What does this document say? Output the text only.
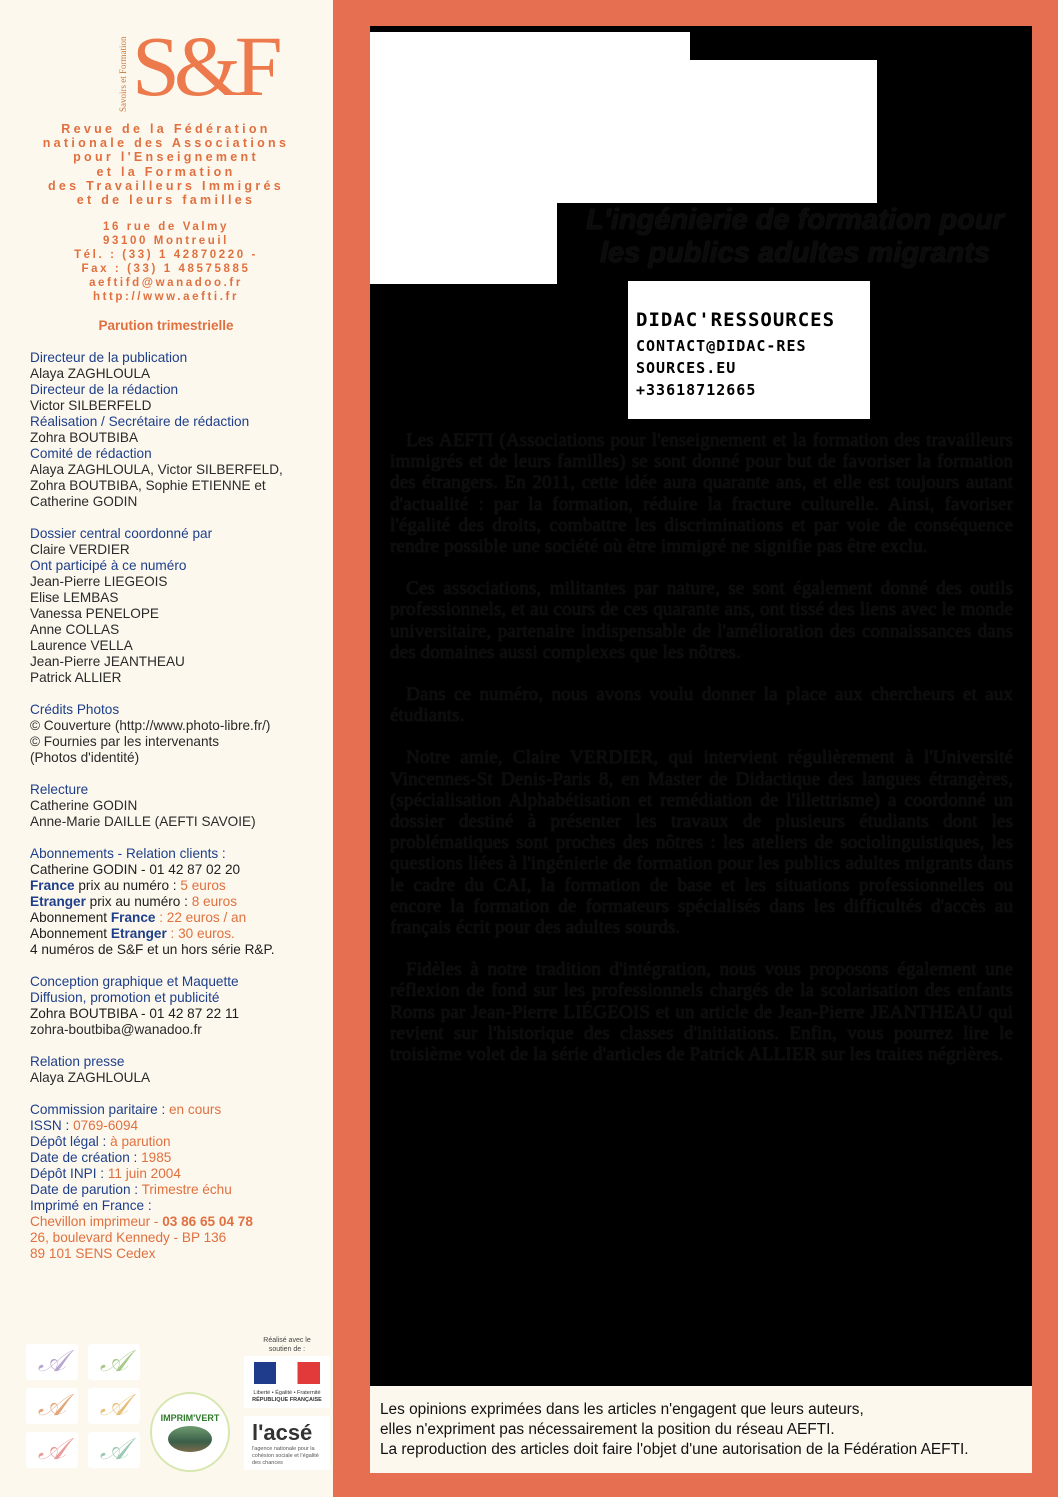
Savoirs et Formation S&F
Revue de la Fédération
nationale des Associations
pour l'Enseignement
et la Formation
des Travailleurs Immigrés
et de leurs familles
16 rue de Valmy
93100 Montreuil
Tél. : (33) 1 42870220 -
Fax : (33) 1 48575885
aeftifd@wanadoo.fr
http://www.aefti.fr
Parution trimestrielle
Directeur de la publication
Alaya ZAGHLOULA
Directeur de la rédaction
Victor SILBERFELD
Réalisation / Secrétaire de rédaction
Zohra BOUTBIBA
Comité de rédaction
Alaya ZAGHLOULA, Victor SILBERFELD,
Zohra BOUTBIBA, Sophie ETIENNE et
Catherine GODIN
Dossier central coordonné par
Claire VERDIER
Ont participé à ce numéro
Jean-Pierre LIEGEOIS
Elise LEMBAS
Vanessa PENELOPE
Anne COLLAS
Laurence VELLA
Jean-Pierre JEANTHEAU
Patrick ALLIER
Crédits Photos
© Couverture (http://www.photo-libre.fr/)
© Fournies par les intervenants
(Photos d'identité)
Relecture
Catherine GODIN
Anne-Marie DAILLE (AEFTI SAVOIE)
Abonnements - Relation clients :
Catherine GODIN - 01 42 87 02 20
France prix au numéro : 5 euros
Etranger prix au numéro : 8 euros
Abonnement France : 22 euros / an
Abonnement Etranger : 30 euros.
4 numéros de S&F et un hors série R&P.
Conception graphique et Maquette
Diffusion, promotion et publicité
Zohra BOUTBIBA - 01 42 87 22 11
zohra-boutbiba@wanadoo.fr
Relation presse
Alaya ZAGHLOULA
Commission paritaire : en cours
ISSN : 0769-6094
Dépôt légal : à parution
Date de création : 1985
Dépôt INPI : 11 juin 2004
Date de parution : Trimestre échu
Imprimé en France :
Chevillon imprimeur - 03 86 65 04 78
26, boulevard Kennedy - BP 136
89 101 SENS Cedex
𝒜 𝒜
𝒜 𝒜
𝒜 𝒜
IMPRIM'VERT
Réalisé avec le
soutien de :
Liberté • Égalité • Fraternité
RÉPUBLIQUE FRANÇAISE
l'acsé
l'agence nationale pour la cohésion sociale et l'égalité des chances
L'ingénierie de formation pour
les publics adultes migrants
DIDAC'RESSOURCES
CONTACT@DIDAC-RES
SOURCES.EU
+33618712665

Les AEFTI (Associations pour l'enseignement et la formation des travailleurs immigrés et de leurs familles) se sont donné pour but de favoriser la formation des étrangers. En 2011, cette idée aura quarante ans, et elle est toujours autant d'actualité : par la formation, réduire la fracture culturelle. Ainsi, favoriser l'égalité des droits, combattre les discriminations et par voie de conséquence rendre possible une société où être immigré ne signifie pas être exclu.

Ces associations, militantes par nature, se sont également donné des outils professionnels, et au cours de ces quarante ans, ont tissé des liens avec le monde universitaire, partenaire indispensable de l'amélioration des connaissances dans des domaines aussi complexes que les nôtres.

Dans ce numéro, nous avons voulu donner la place aux chercheurs et aux étudiants.

Notre amie, Claire VERDIER, qui intervient régulièrement à l'Université Vincennes-St Denis-Paris 8, en Master de Didactique des langues étrangères, (spécialisation Alphabétisation et remédiation de l'illettrisme) a coordonné un dossier destiné à présenter les travaux de plusieurs étudiants dont les problématiques sont proches des nôtres : les ateliers de sociolinguistiques, les questions liées à l'ingénierie de formation pour les publics adultes migrants dans le cadre du CAI, la formation de base et les situations professionnelles ou encore la formation de formateurs spécialisés dans les difficultés d'accès au français écrit pour des adultes sourds.

Fidèles à notre tradition d'intégration, nous vous proposons également une réflexion de fond sur les professionnels chargés de la scolarisation des enfants Roms par Jean-Pierre LIÉGEOIS et un article de Jean-Pierre JEANTHEAU qui revient sur l'historique des classes d'initiations. Enfin, vous pourrez lire le troisième volet de la série d'articles de Patrick ALLIER sur les traites négrières.

Les opinions exprimées dans les articles n'engagent que leurs auteurs,
elles n'expriment pas nécessairement la position du réseau AEFTI.
La reproduction des articles doit faire l'objet d'une autorisation de la Fédération AEFTI.
